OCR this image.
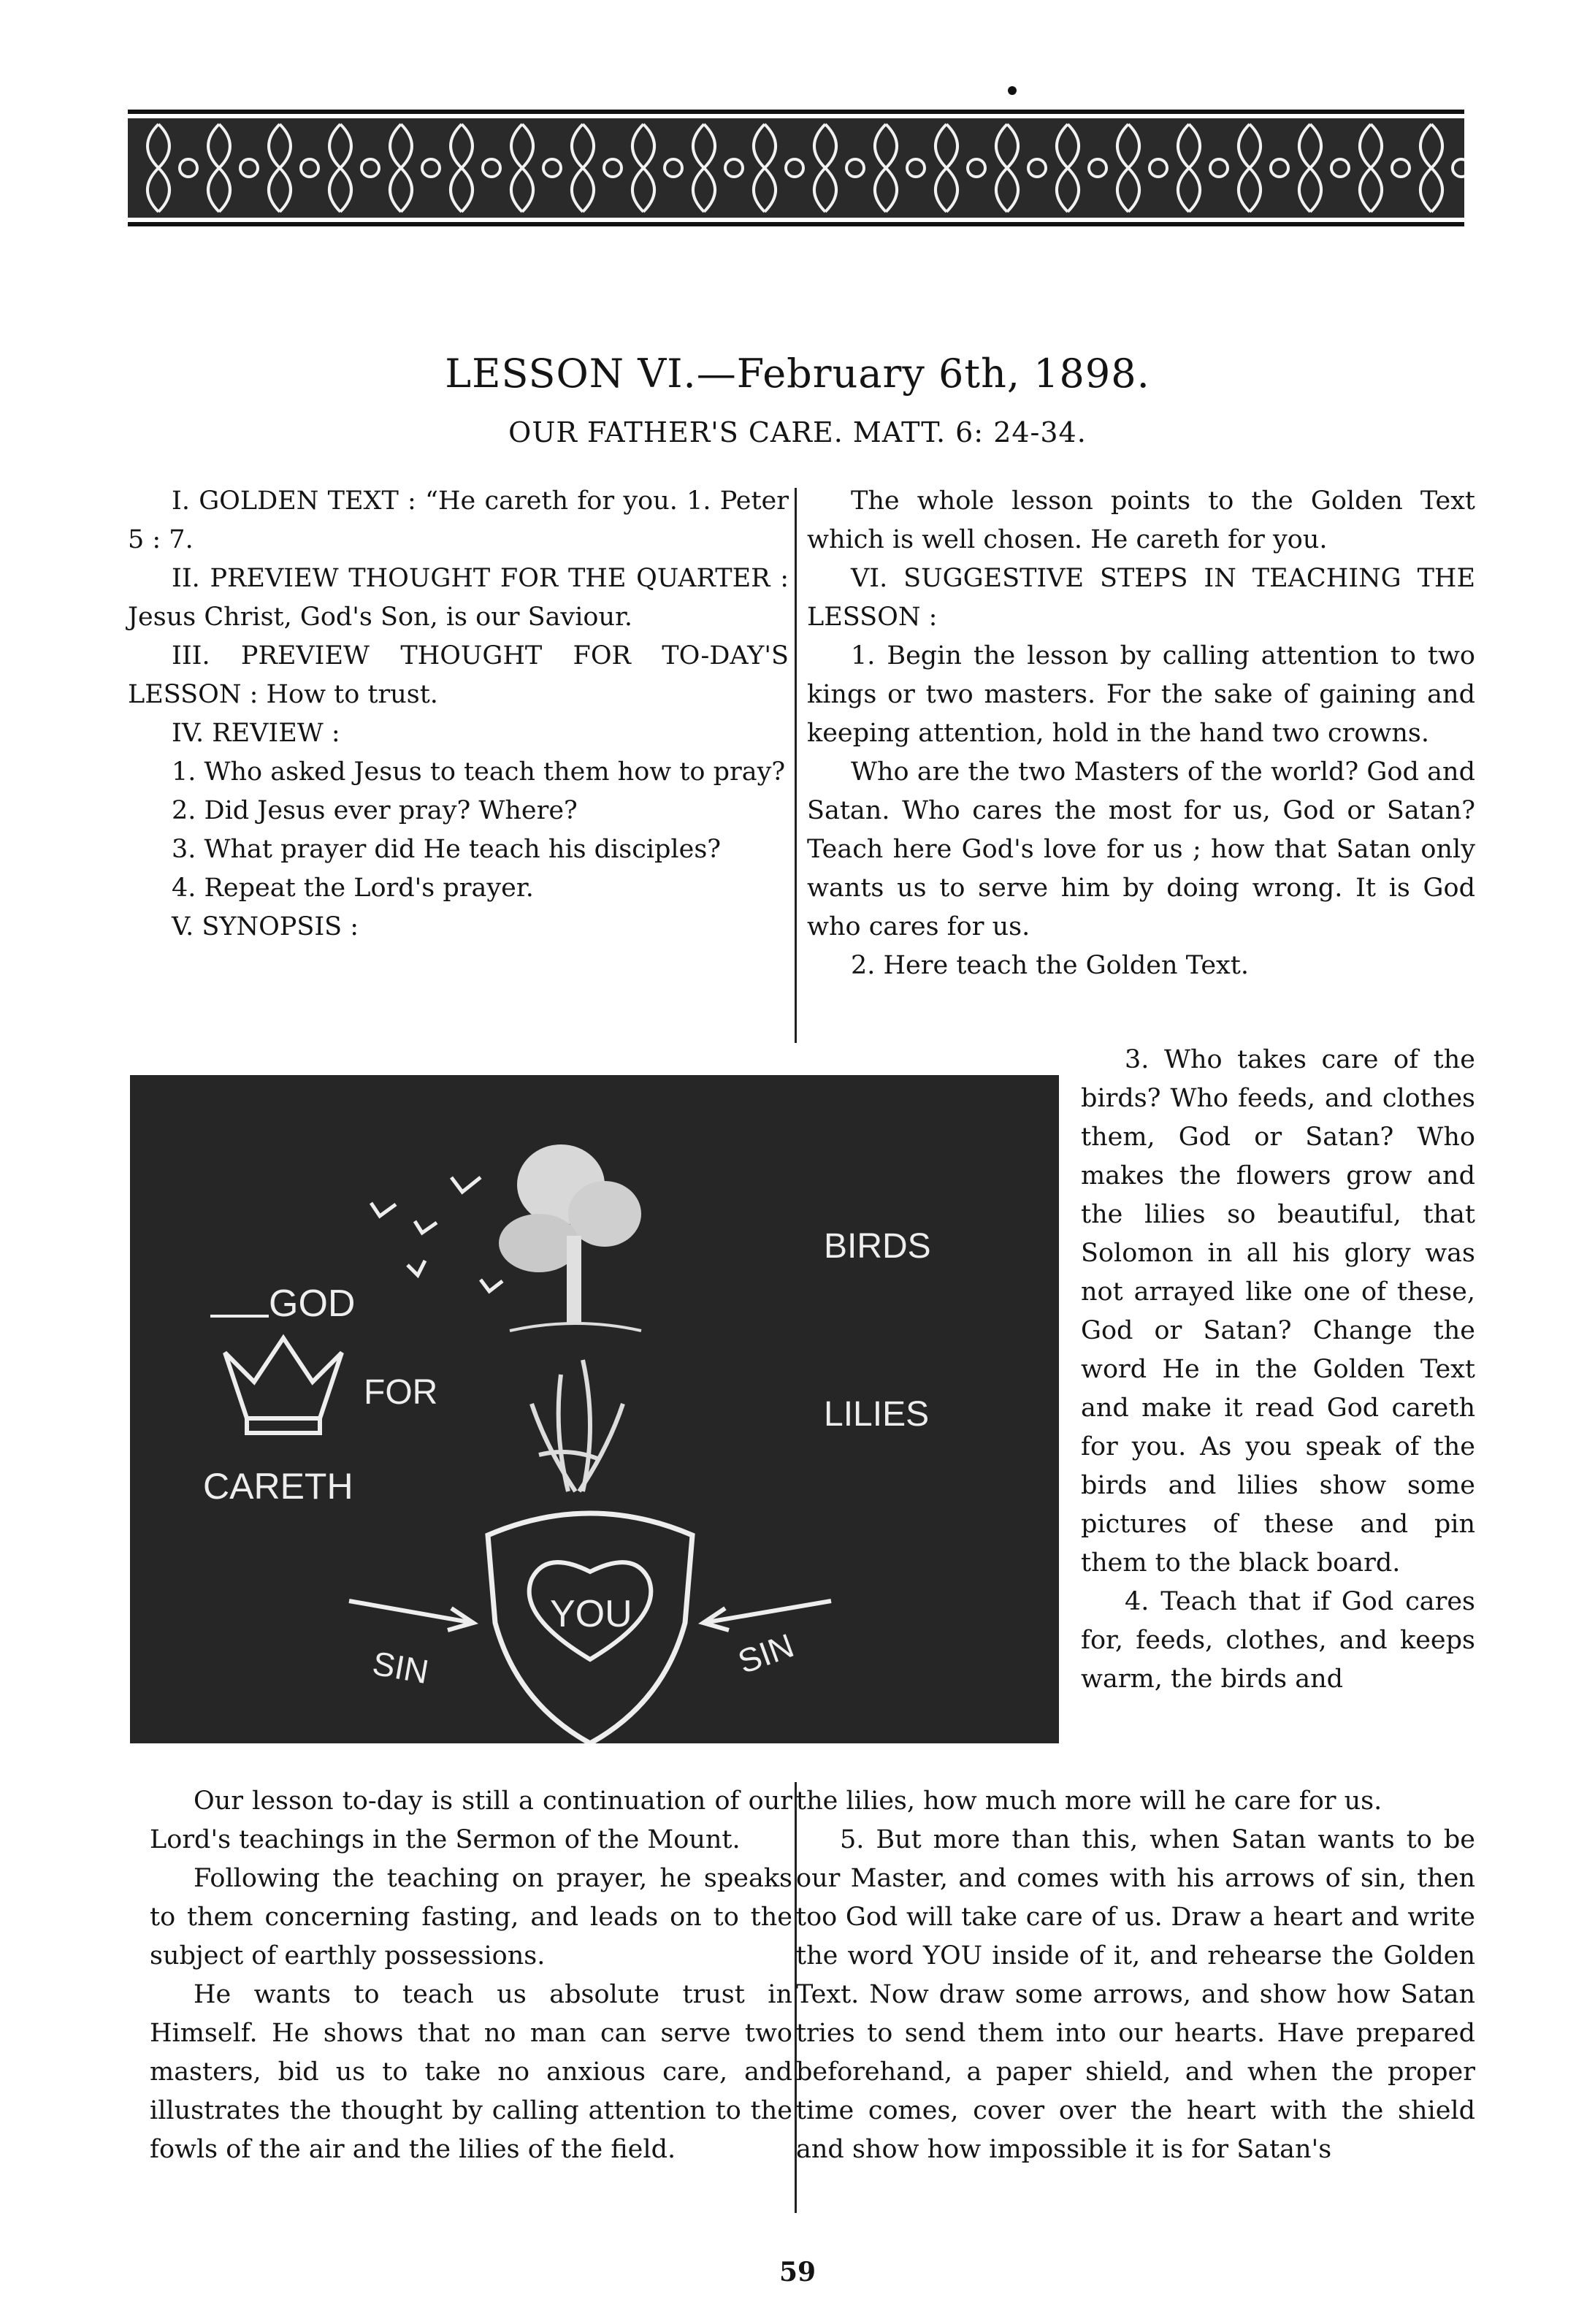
LESSON VI.—February 6th, 1898.
OUR FATHER'S CARE. MATT. 6: 24-34.

I. GOLDEN TEXT : “He careth for you. 1. Peter 5 : 7.

II. PREVIEW THOUGHT FOR THE QUARTER : Jesus Christ, God's Son, is our Saviour.

III. PREVIEW THOUGHT FOR TO-DAY'S LESSON : How to trust.

IV. REVIEW :

1. Who asked Jesus to teach them how to pray?

2. Did Jesus ever pray? Where?

3. What prayer did He teach his disciples?

4. Repeat the Lord's prayer.

V. SYNOPSIS :

The whole lesson points to the Golden Text which is well chosen. He careth for you.

VI. SUGGESTIVE STEPS IN TEACHING THE LESSON :

1. Begin the lesson by calling attention to two kings or two masters. For the sake of gaining and keeping attention, hold in the hand two crowns.

Who are the two Masters of the world? God and Satan. Who cares the most for us, God or Satan? Teach here God's love for us ; how that Satan only wants us to serve him by doing wrong. It is God who cares for us.

2. Here teach the Golden Text.

GOD
FOR
CARETH
BIRDS
LILIES
YOU
SIN	SIN

3. Who takes care of the birds? Who feeds, and clothes them, God or Satan? Who makes the flowers grow and the lilies so beautiful, that Solomon in all his glory was not arrayed like one of these, God or Satan? Change the word He in the Golden Text and make it read God careth for you. As you speak of the birds and lilies show some pictures of these and pin them to the black board.

4. Teach that if God cares for, feeds, clothes, and keeps warm, the birds and

Our lesson to-day is still a continuation of our Lord's teachings in the Sermon of the Mount.

Following the teaching on prayer, he speaks to them concerning fasting, and leads on to the subject of earthly possessions.

He wants to teach us absolute trust in Himself. He shows that no man can serve two masters, bid us to take no anxious care, and illustrates the thought by calling attention to the fowls of the air and the lilies of the field.

the lilies, how much more will he care for us.

5. But more than this, when Satan wants to be our Master, and comes with his arrows of sin, then too God will take care of us. Draw a heart and write the word YOU inside of it, and rehearse the Golden Text. Now draw some arrows, and show how Satan tries to send them into our hearts. Have prepared beforehand, a paper shield, and when the proper time comes, cover over the heart with the shield and show how impossible it is for Satan's

59
